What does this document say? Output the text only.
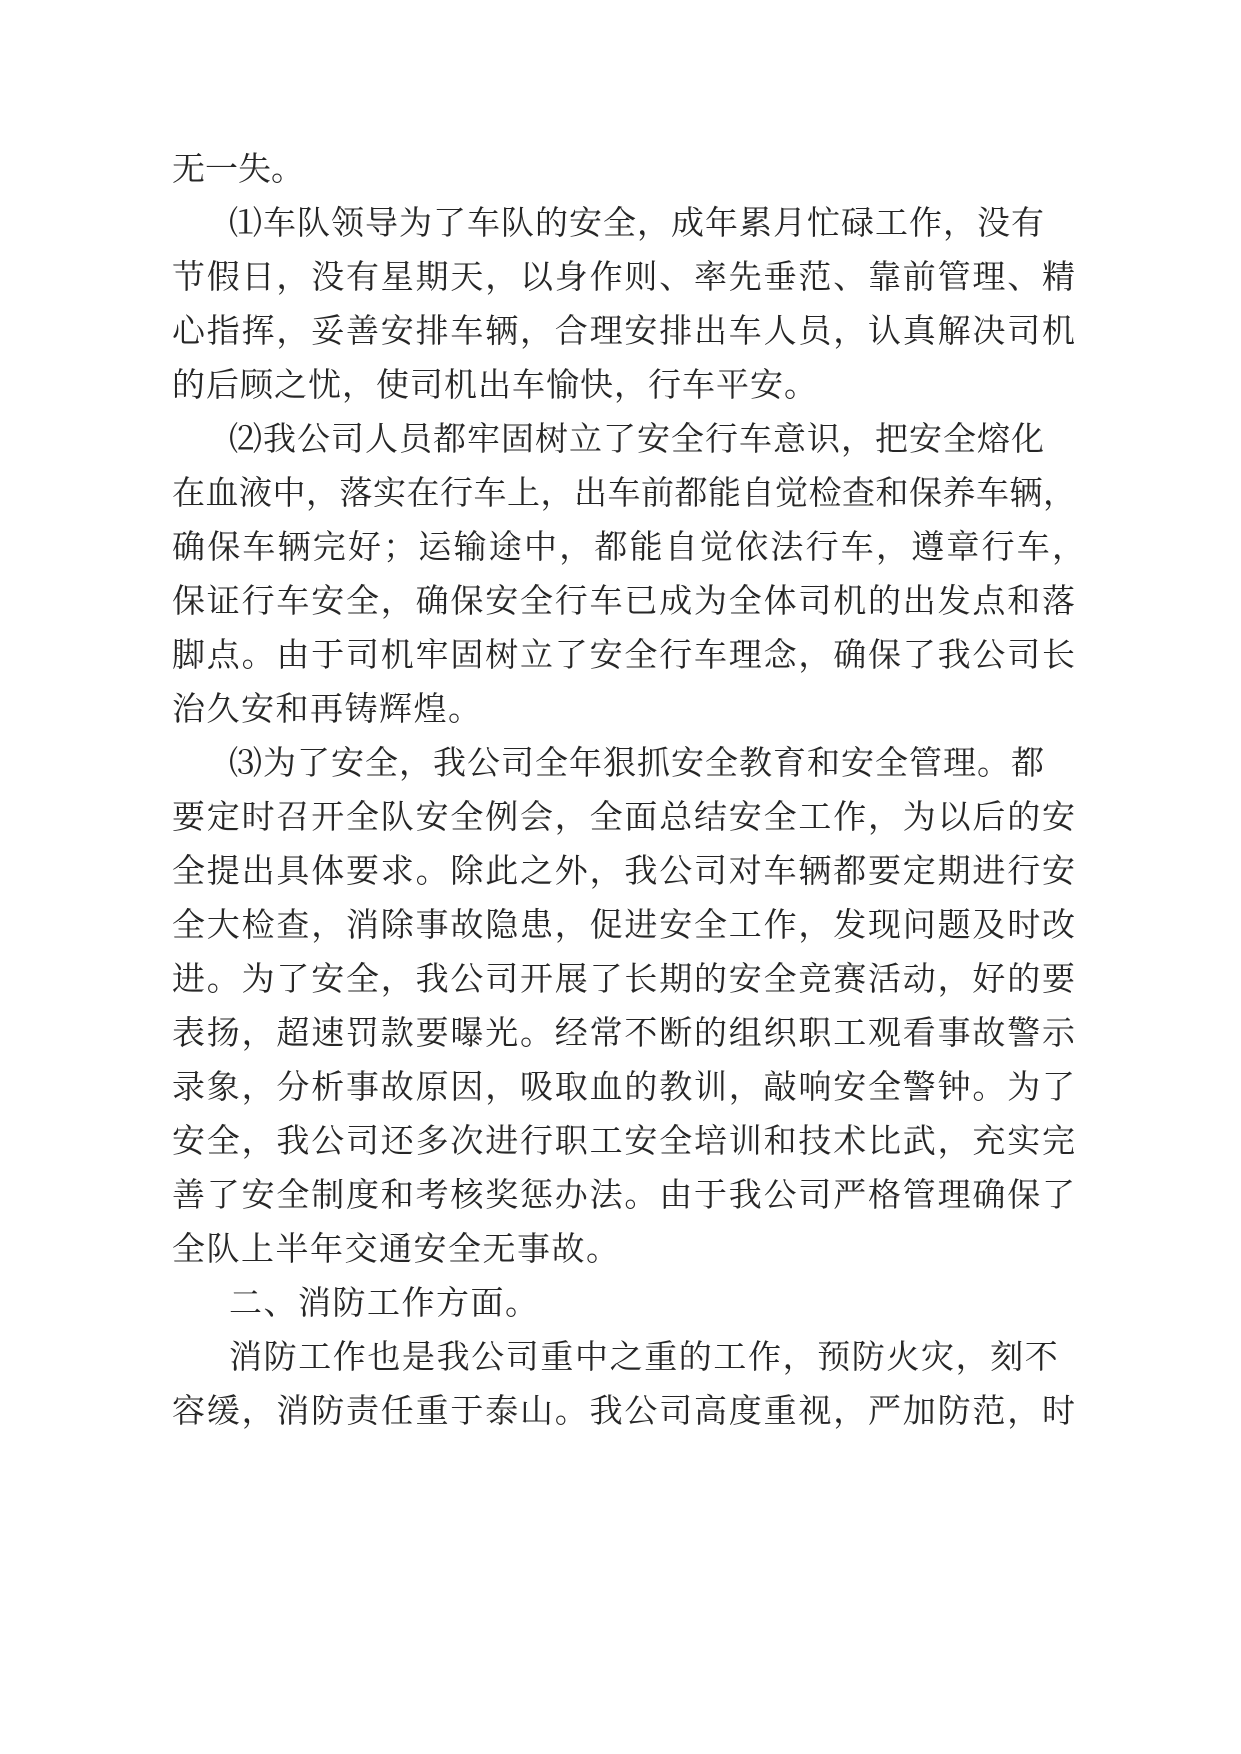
无一失。
⑴车队领导为了车队的安全，成年累月忙碌工作，没有
节假日，没有星期天，以身作则、率先垂范、靠前管理、精
心指挥，妥善安排车辆，合理安排出车人员，认真解决司机
的后顾之忧，使司机出车愉快，行车平安。
⑵我公司人员都牢固树立了安全行车意识，把安全熔化
在血液中，落实在行车上，出车前都能自觉检查和保养车辆，
确保车辆完好；运输途中，都能自觉依法行车，遵章行车，
保证行车安全，确保安全行车已成为全体司机的出发点和落
脚点。由于司机牢固树立了安全行车理念，确保了我公司长
治久安和再铸辉煌。
⑶为了安全，我公司全年狠抓安全教育和安全管理。都
要定时召开全队安全例会，全面总结安全工作，为以后的安
全提出具体要求。除此之外，我公司对车辆都要定期进行安
全大检查，消除事故隐患，促进安全工作，发现问题及时改
进。为了安全，我公司开展了长期的安全竞赛活动，好的要
表扬，超速罚款要曝光。经常不断的组织职工观看事故警示
录象，分析事故原因，吸取血的教训，敲响安全警钟。为了
安全，我公司还多次进行职工安全培训和技术比武，充实完
善了安全制度和考核奖惩办法。由于我公司严格管理确保了
全队上半年交通安全无事故。
二、消防工作方面。
消防工作也是我公司重中之重的工作，预防火灾，刻不
容缓，消防责任重于泰山。我公司高度重视，严加防范，时
